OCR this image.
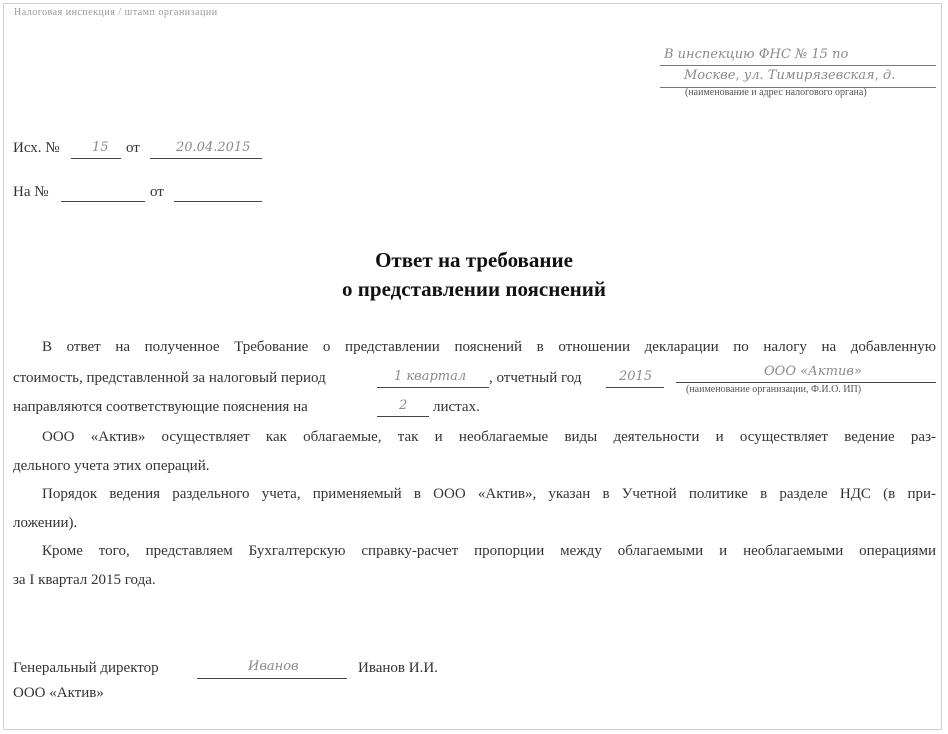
Налоговая инспекция / штамп организации
В инспекцию ФНС № 15 по
Москве, ул. Тимирязевская, д.
(наименование и адрес налогового органа)
Исх. № 15 от	20.04.2015
На №	от
Ответ на требование
о представлении пояснений
В ответ на полученное Требование о представлении пояснений в отношении декларации по налогу на добавленную
стоимость, представленной за налоговый период	1 квартал , отчетный год	2015	ООО «Актив»
(наименование организации, Ф.И.О. ИП)
направляются соответствующие пояснения на	2 листах.
ООО «Актив» осуществляет как облагаемые, так и необлагаемые виды деятельности и осуществляет ведение раз-
дельного учета этих операций.
Порядок ведения раздельного учета, применяемый в ООО «Актив», указан в Учетной политике в разделе НДС (в при-
ложении).
Кроме того, представляем Бухгалтерскую справку-расчет пропорции между облагаемыми и необлагаемыми операциями
за I квартал 2015 года.
Генеральный директор	Иванов	Иванов И.И.
ООО «Актив»
